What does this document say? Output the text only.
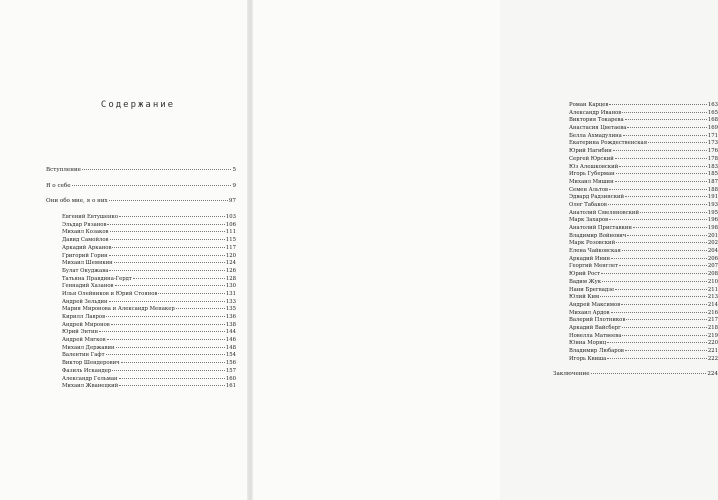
Содержание
Вступление	5
Я о себе	9
Они обо мне, я о них	97
Евгений Евтушенко	103
Эльдар Рязанов	106
Михаил Козаков	111
Давид Самойлов	115
Аркадий Арканов	117
Григорий Горин	120
Михаил Шемякин	124
Булат Окуджава	126
Татьяна Правдина-Гердт	128
Геннадий Хазанов	130
Илья Олейников и Юрий Стоянов	131
Андрей Зельдин	133
Мария Миронова и Александр Менакер	135
Кирилл Лавров	136
Андрей Миронов	138
Юрий Энтин	144
Андрей Мягков	146
Михаил Державин	148
Валентин Гафт	154
Виктор Шендерович	156
Фазиль Искандер	157
Александр Гельман	160
Михаил Жванецкий	161
Роман Карцев	163
Александр Иванов	165
Виктория Токарева	168
Анастасия Цветаева	169
Белла Ахмадулина	171
Екатерина Рождественская	173
Юрий Нагибин	176
Сергей Юрский	178
Юз Алешковский	183
Игорь Губерман	185
Михаил Мишин	187
Семен Альтов	188
Эдвард Радзинский	191
Олег Табаков	193
Анатолий Смеляновский	195
Марк Захаров	196
Анатолий Приставкин	198
Владимир Войнович	201
Марк Розовский	202
Елена Чайковская	204
Аркадий Инин	206
Георгий Менглет	207
Юрий Рост	208
Вадим Жук	210
Нани Брегвадзе	211
Юлий Ким	213
Андрей Максимов	214
Михаил Ардов	216
Валерий Плотников	217
Аркадий Вайсберг	218
Новелла Матвеева	219
Юнна Мориц	220
Владимир Любаров	221
Игорь Квиша	222
Заключение	224
